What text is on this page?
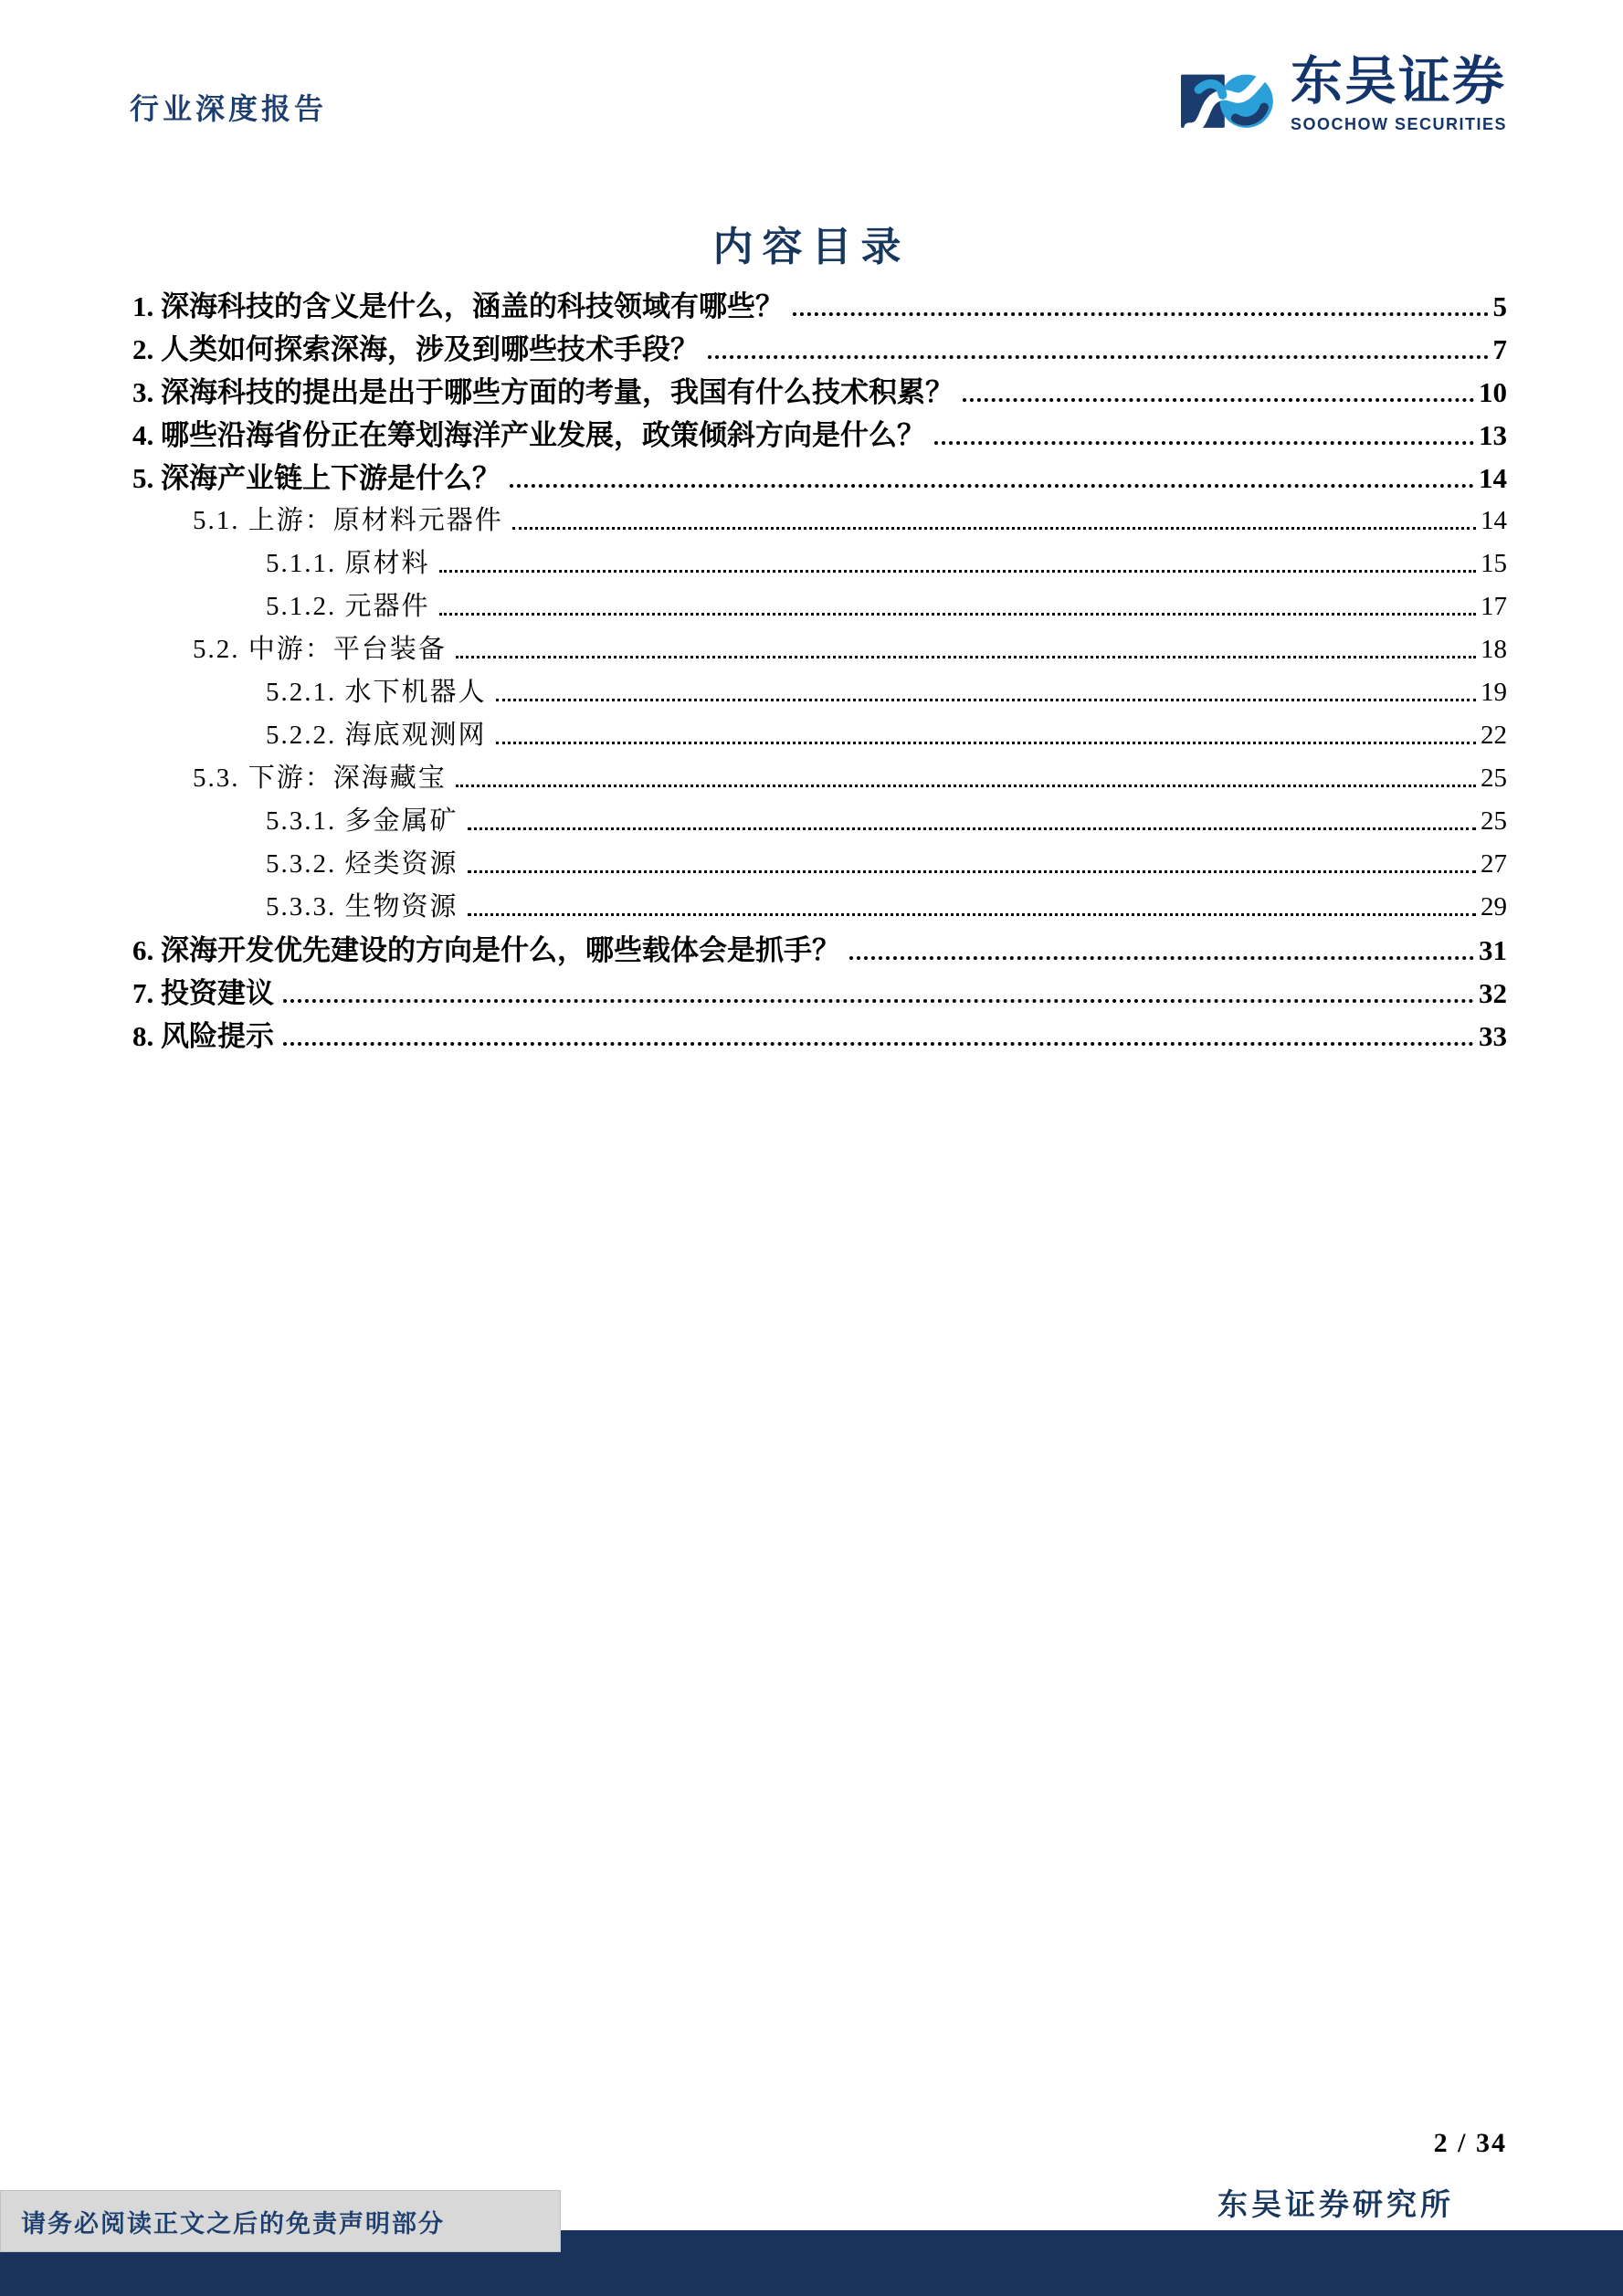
行业深度报告	东吴证券
SOOCHOW SECURITIES
内容目录
1. 深海科技的含义是什么，涵盖的科技领域有哪些？	5
2. 人类如何探索深海，涉及到哪些技术手段？	7
3. 深海科技的提出是出于哪些方面的考量，我国有什么技术积累？	10
4. 哪些沿海省份正在筹划海洋产业发展，政策倾斜方向是什么？	13
5. 深海产业链上下游是什么？	14
5.1. 上游：原材料元器件	14
5.1.1. 原材料	15
5.1.2. 元器件	17
5.2. 中游：平台装备	18
5.2.1. 水下机器人	19
5.2.2. 海底观测网	22
5.3. 下游：深海藏宝	25
5.3.1. 多金属矿	25
5.3.2. 烃类资源	27
5.3.3. 生物资源	29
6. 深海开发优先建设的方向是什么，哪些载体会是抓手？	31
7. 投资建议	32
8. 风险提示	33
2 / 34
东吴证券研究所
请务必阅读正文之后的免责声明部分
